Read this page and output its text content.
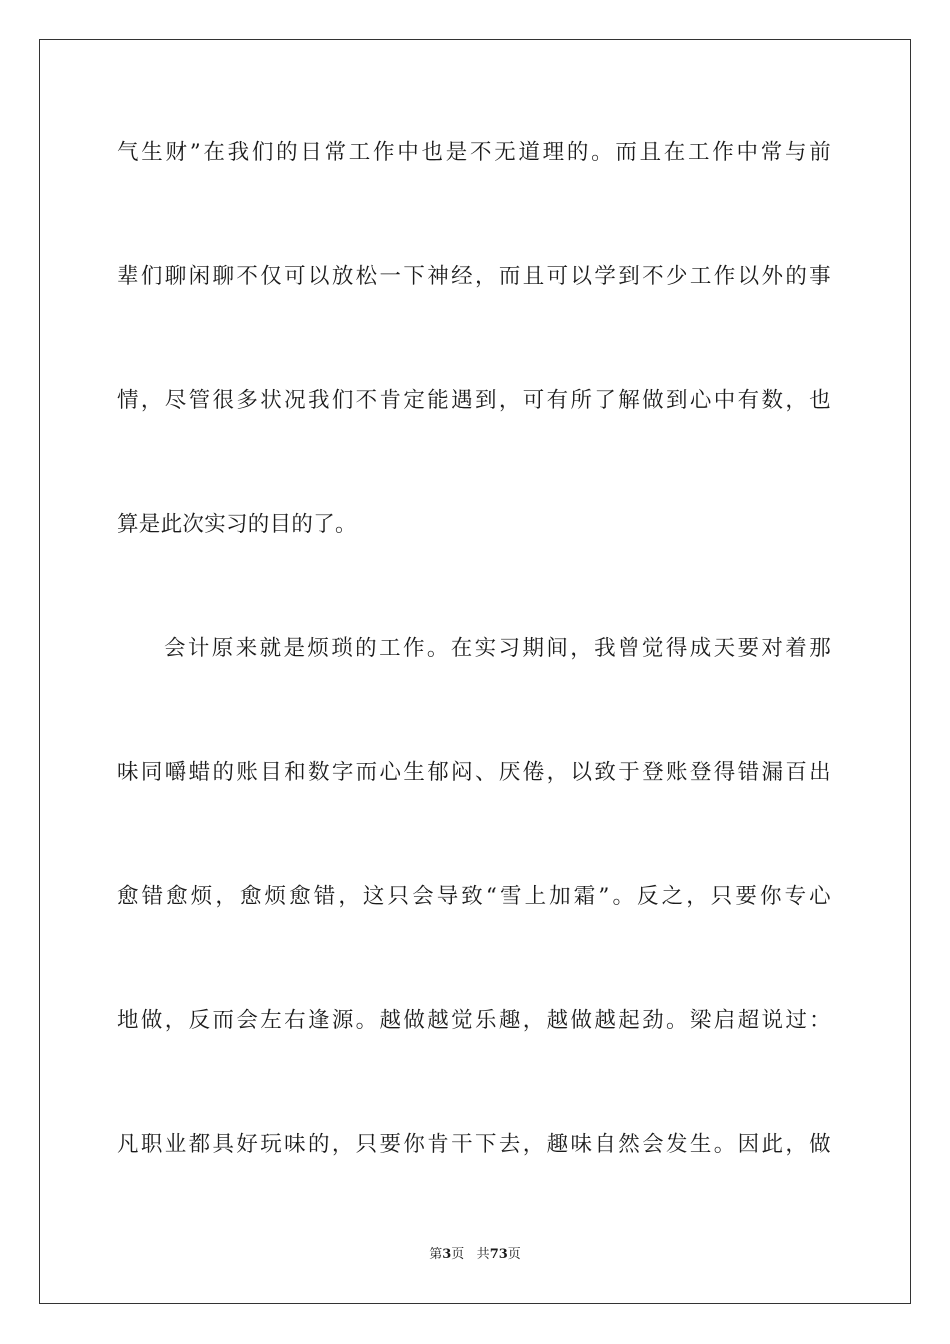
气生财”在我们的日常工作中也是不无道理的。而且在工作中常与前
辈们聊闲聊不仅可以放松一下神经，而且可以学到不少工作以外的事
情，尽管很多状况我们不肯定能遇到，可有所了解做到心中有数，也
算是此次实习的目的了。
会计原来就是烦琐的工作。在实习期间，我曾觉得成天要对着那
味同嚼蜡的账目和数字而心生郁闷、厌倦，以致于登账登得错漏百出
愈错愈烦，愈烦愈错，这只会导致“雪上加霜”。反之，只要你专心
地做，反而会左右逢源。越做越觉乐趣，越做越起劲。梁启超说过：
凡职业都具好玩味的，只要你肯干下去，趣味自然会发生。因此，做
第3页 共73页
